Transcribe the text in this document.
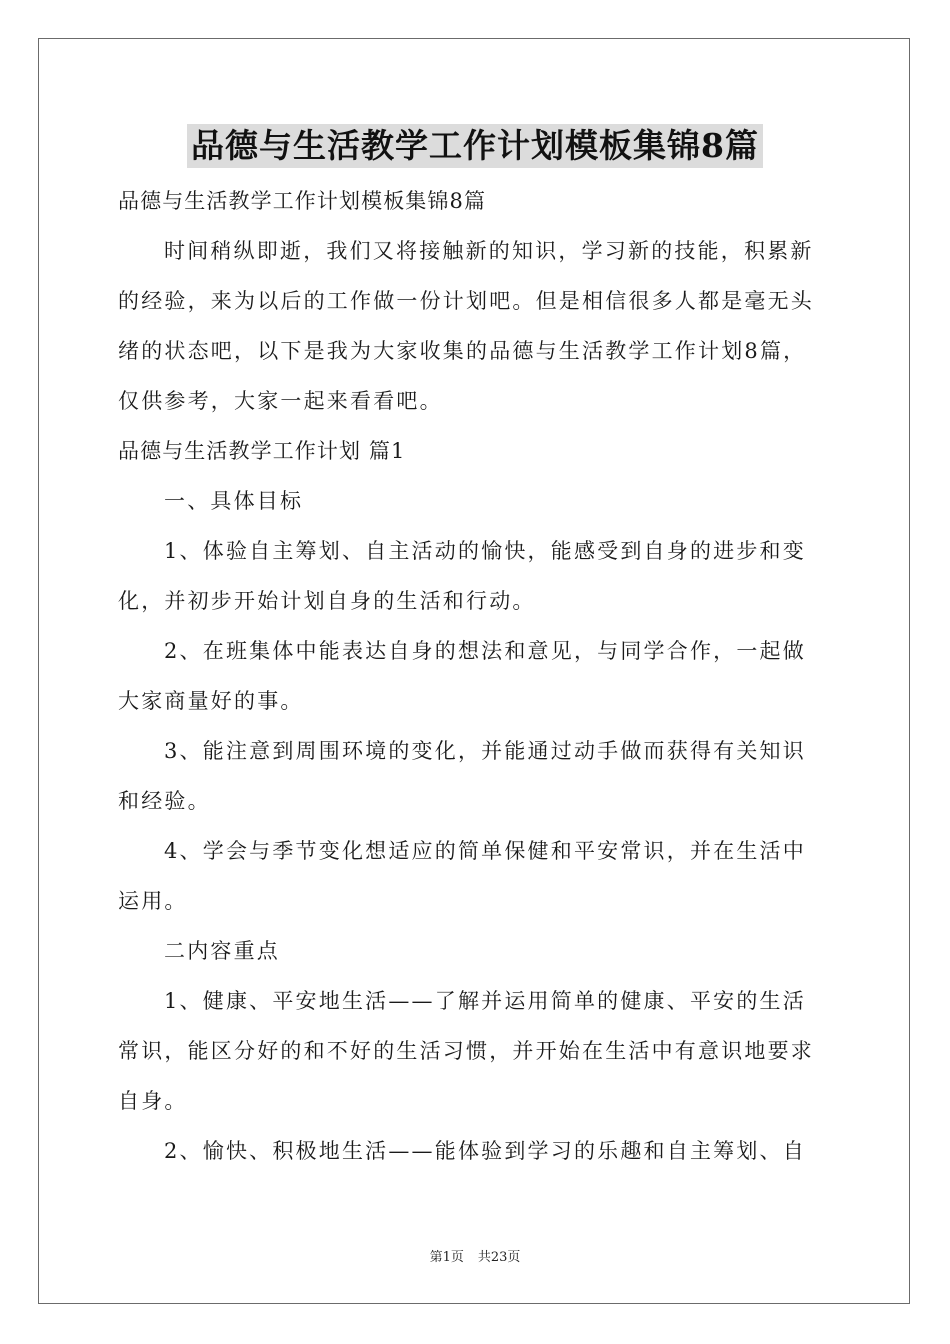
品德与生活教学工作计划模板集锦8篇
品德与生活教学工作计划模板集锦8篇
时间稍纵即逝，我们又将接触新的知识，学习新的技能，积累新
的经验，来为以后的工作做一份计划吧。但是相信很多人都是毫无头
绪的状态吧，以下是我为大家收集的品德与生活教学工作计划8篇，
仅供参考，大家一起来看看吧。
品德与生活教学工作计划 篇1
一、具体目标
1、体验自主筹划、自主活动的愉快，能感受到自身的进步和变
化，并初步开始计划自身的生活和行动。
2、在班集体中能表达自身的想法和意见，与同学合作，一起做
大家商量好的事。
3、能注意到周围环境的变化，并能通过动手做而获得有关知识
和经验。
4、学会与季节变化想适应的简单保健和平安常识，并在生活中
运用。
二内容重点
1、健康、平安地生活——了解并运用简单的健康、平安的生活
常识，能区分好的和不好的生活习惯，并开始在生活中有意识地要求
自身。
2、愉快、积极地生活——能体验到学习的乐趣和自主筹划、自
第1页 共23页
